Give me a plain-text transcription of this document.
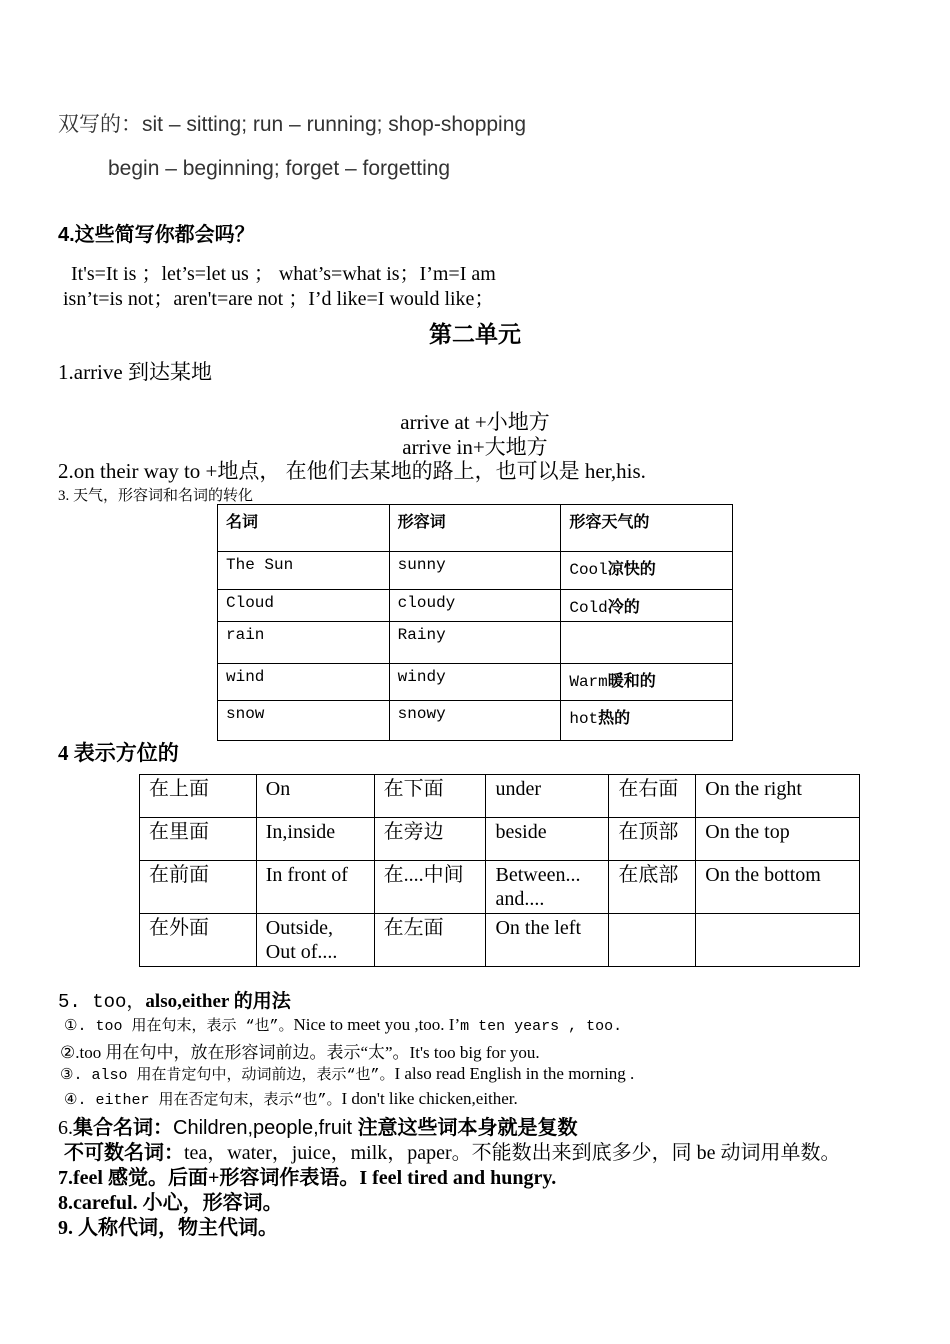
双写的：sit – sitting; run – running; shop-shopping
begin – beginning; forget – forgetting
4.这些简写你都会吗？
It's=It is ；let’s=let us ； what’s=what is；I’m=I am
isn’t=is not；aren't=are not ；I’d like=I would like；
第二单元
1.arrive 到达某地
arrive at +小地方
arrive in+大地方
2.on their way to +地点， 在他们去某地的路上，也可以是 her,his.
3. 天气，形容词和名词的转化
名词	形容词	形容天气的
The Sun	sunny	Cool凉快的
Cloud	cloudy	Cold冷的
rain	Rainy	
wind	windy	Warm暖和的
snow	snowy	hot热的
4 表示方位的
在上面	On	在下面	under	在右面	On the right
在里面	In,inside	在旁边	beside	在顶部	On the top
在前面	In front of	在....中间	Between... and....	在底部	On the bottom
在外面	Outside, Out of....	在左面	On the left		
5. too，also,either 的用法
①. too 用在句末，表示 “也”。Nice to meet you ,too. I’m ten years , too.
②.too 用在句中，放在形容词前边。表示“太”。It's too big for you.
③. also 用在肯定句中，动词前边，表示“也”。I also read English in the morning .
④. either 用在否定句末，表示“也”。I don't like chicken,either.
6.集合名词：Children,people,fruit 注意这些词本身就是复数
不可数名词：tea，water，juice，milk，paper。不能数出来到底多少，同 be 动词用单数。
7.feel 感觉。后面+形容词作表语。I feel tired and hungry.
8.careful. 小心，形容词。
9. 人称代词，物主代词。
